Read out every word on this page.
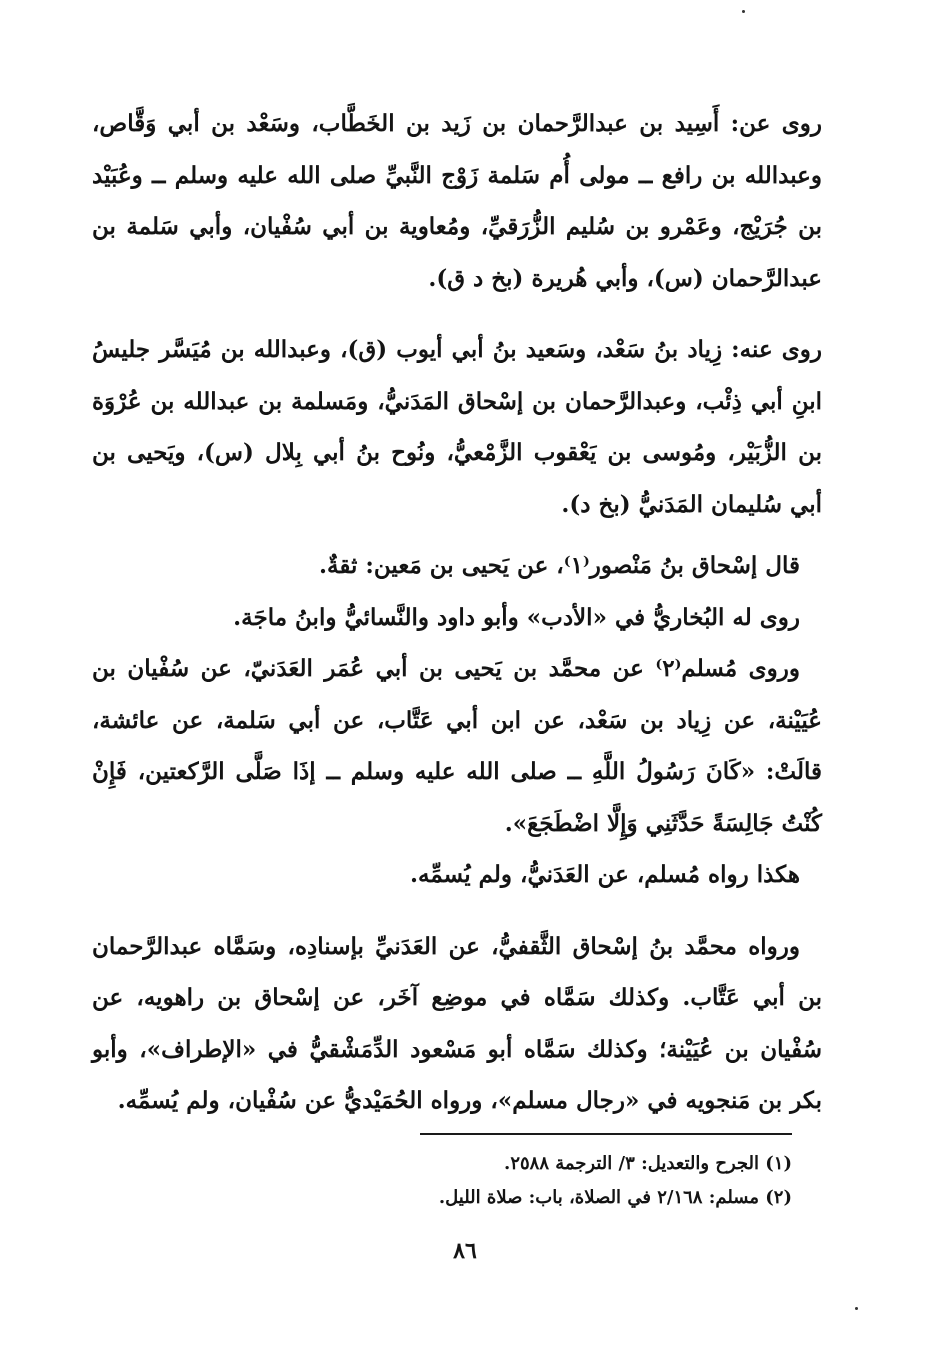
روى عن: أَسِيد بن عبدالرَّحمان بن زَيد بن الخَطَّاب، وسَعْد بن أبي وَقَّاص، وعبدالله بن رافع ــ مولى أُم سَلمة زَوْج النَّبيِّ صلى الله عليه وسلم ــ وعُبَيْد بن جُرَيْج، وعَمْرو بن سُليم الزُّرَقيِّ، ومُعاوية بن أبي سُفْيان، وأبي سَلمة بن عبدالرَّحمان (س)، وأبي هُريرة (بخ د ق).

روى عنه: زِياد بنُ سَعْد، وسَعيد بنُ أبي أيوب (ق)، وعبدالله بن مُيَسَّر جليسُ ابنِ أبي ذِئْب، وعبدالرَّحمان بن إسْحاق المَدَنيُّ، ومَسلمة بن عبدالله بن عُرْوَة بن الزُّبَيْر، ومُوسى بن يَعْقوب الزَّمْعيُّ، ونُوح بنُ أبي بِلال (س)، ويَحيى بن أبي سُليمان المَدَنيُّ (بخ د).

قال إسْحاق بنُ مَنْصور⁽١⁾، عن يَحيى بن مَعين: ثقةٌ.

روى له البُخاريُّ في «الأدب» وأبو داود والنَّسائيُّ وابنُ ماجَة.

وروى مُسلم⁽٢⁾ عن محمَّد بن يَحيى بن أبي عُمَر العَدَنيّ، عن سُفْيان بن عُيَيْنة، عن زِياد بن سَعْد، عن ابن أبي عَتَّاب، عن أبي سَلمة، عن عائشة، قالَتْ: «كَانَ رَسُولُ اللَّهِ ــ صلى الله عليه وسلم ــ إذَا صَلَّى الرَّكعتين، فَإِنْ كُنْتُ جَالِسَةً حَدَّثَنِي وَإِلَّا اضْطَجَعَ».

هكذا رواه مُسلم، عن العَدَنيُّ، ولم يُسمِّه.

ورواه محمَّد بنُ إسْحاق الثَّقفيُّ، عن العَدَنيِّ بإسنادِه، وسَمَّاه عبدالرَّحمان بن أبي عَتَّاب. وكذلك سَمَّاه في موضِع آخَر، عن إسْحاق بن راهويه، عن سُفْيان بن عُيَيْنة؛ وكذلك سَمَّاه أبو مَسْعود الدِّمَشْقيُّ في «الإطراف»، وأبو بكر بن مَنجويه في «رجال مسلم»، ورواه الحُمَيْديُّ عن سُفْيان، ولم يُسمِّه.

(١) الجرح والتعديل: ٣/ الترجمة ٢٥٨٨.

(٢) مسلم: ٢/١٦٨ في الصلاة، باب: صلاة الليل.

٨٦
